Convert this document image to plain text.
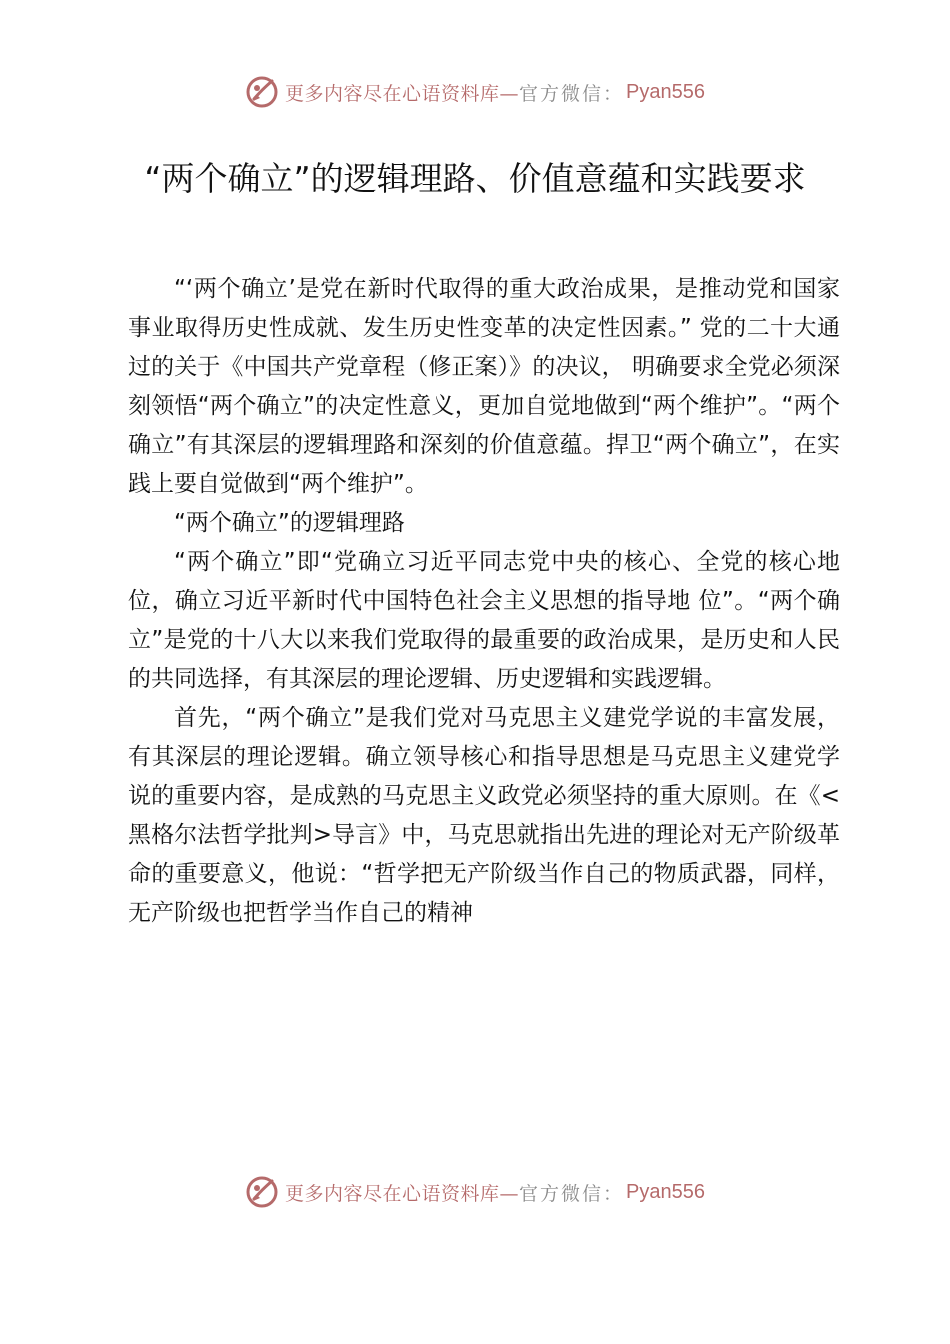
更多内容尽在心语资料库— 官方微信： Pyan556
“两个确立”的逻辑理路、价值意蕴和实践要求

“‘两个确立’是党在新时代取得的重大政治成果，是推动党和国家事业取得历史性成就、发生历史性变革的决定性因素。” 党的二十大通过的关于《中国共产党章程（修正案）》的决议， 明确要求全党必须深刻领悟“两个确立”的决定性意义，更加自觉地做到“两个维护”。“两个确立”有其深层的逻辑理路和深刻的价值意蕴。捍卫“两个确立”，在实践上要自觉做到“两个维护”。

“两个确立”的逻辑理路

“两个确立”即“党确立习近平同志党中央的核心、全党的核心地位，确立习近平新时代中国特色社会主义思想的指导地 位”。“两个确立”是党的十八大以来我们党取得的最重要的政治成果，是历史和人民的共同选择，有其深层的理论逻辑、历史逻辑和实践逻辑。

首先，“两个确立”是我们党对马克思主义建党学说的丰富发展，有其深层的理论逻辑。确立领导核心和指导思想是马克思主义建党学说的重要内容，是成熟的马克思主义政党必须坚持的重大原则。在《<黑格尔法哲学批判>导言》中，马克思就指出先进的理论对无产阶级革命的重要意义，他说：“哲学把无产阶级当作自己的物质武器，同样，无产阶级也把哲学当作自己的精神

更多内容尽在心语资料库— 官方微信： Pyan556
